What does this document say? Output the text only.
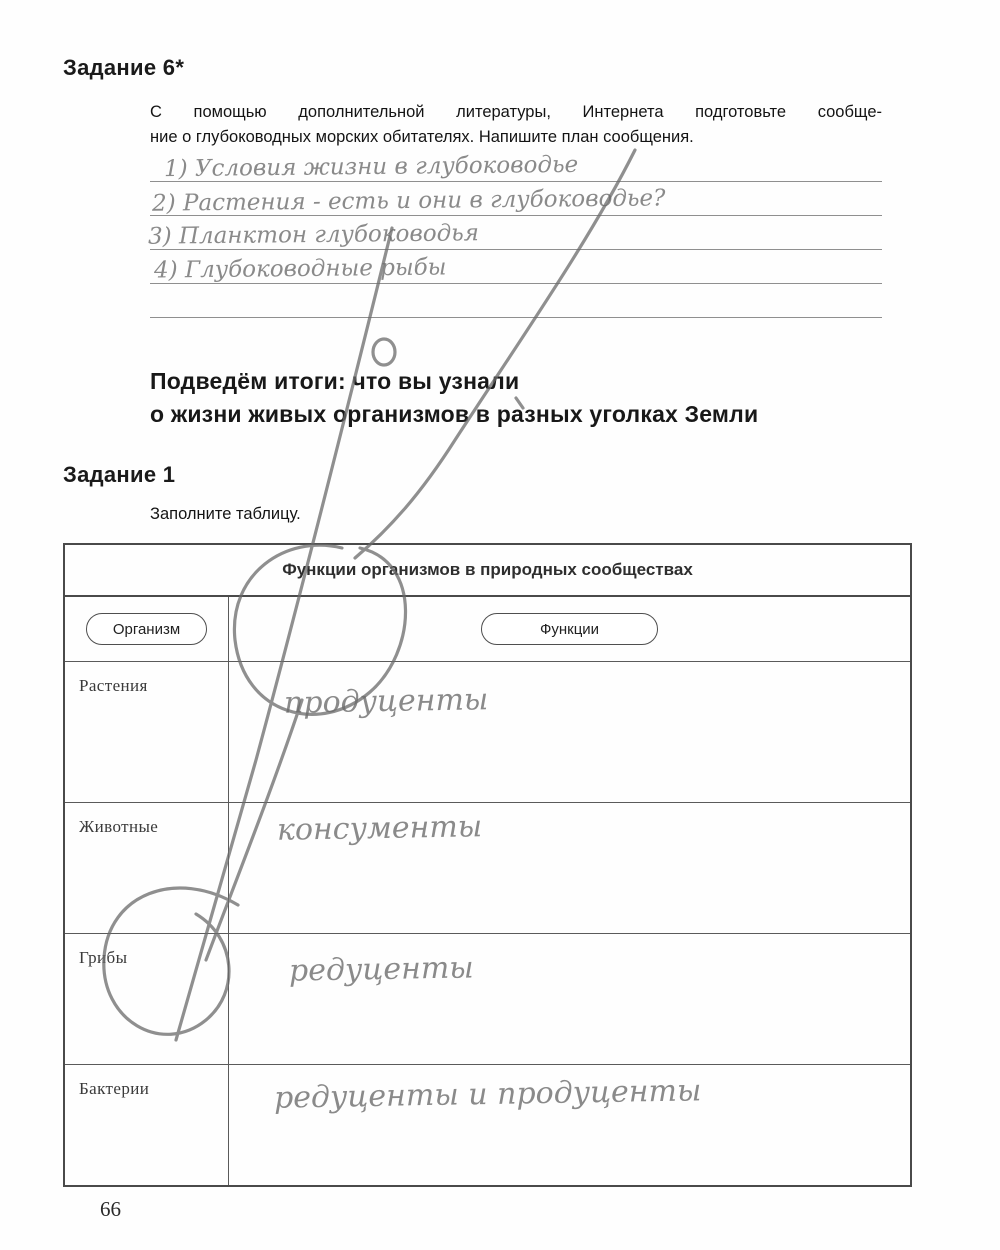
Задание 6*
С помощью дополнительной литературы, Интернета подготовьте сообще-
ние о глубоководных морских обитателях. Напишите план сообщения.
1) Условия жизни в глубоководье
2) Растения - есть и они в глубоководье?
3) Планктон глубоководья
4) Глубоководные рыбы
Подведём итоги: что вы узнали
о жизни живых организмов в разных уголках Земли
Задание 1
Заполните таблицу.
Функции организмов в природных сообществах
Организм	Функции
Растения	продуценты
Животные	консументы
Грибы	редуценты
Бактерии	редуценты и продуценты
66
